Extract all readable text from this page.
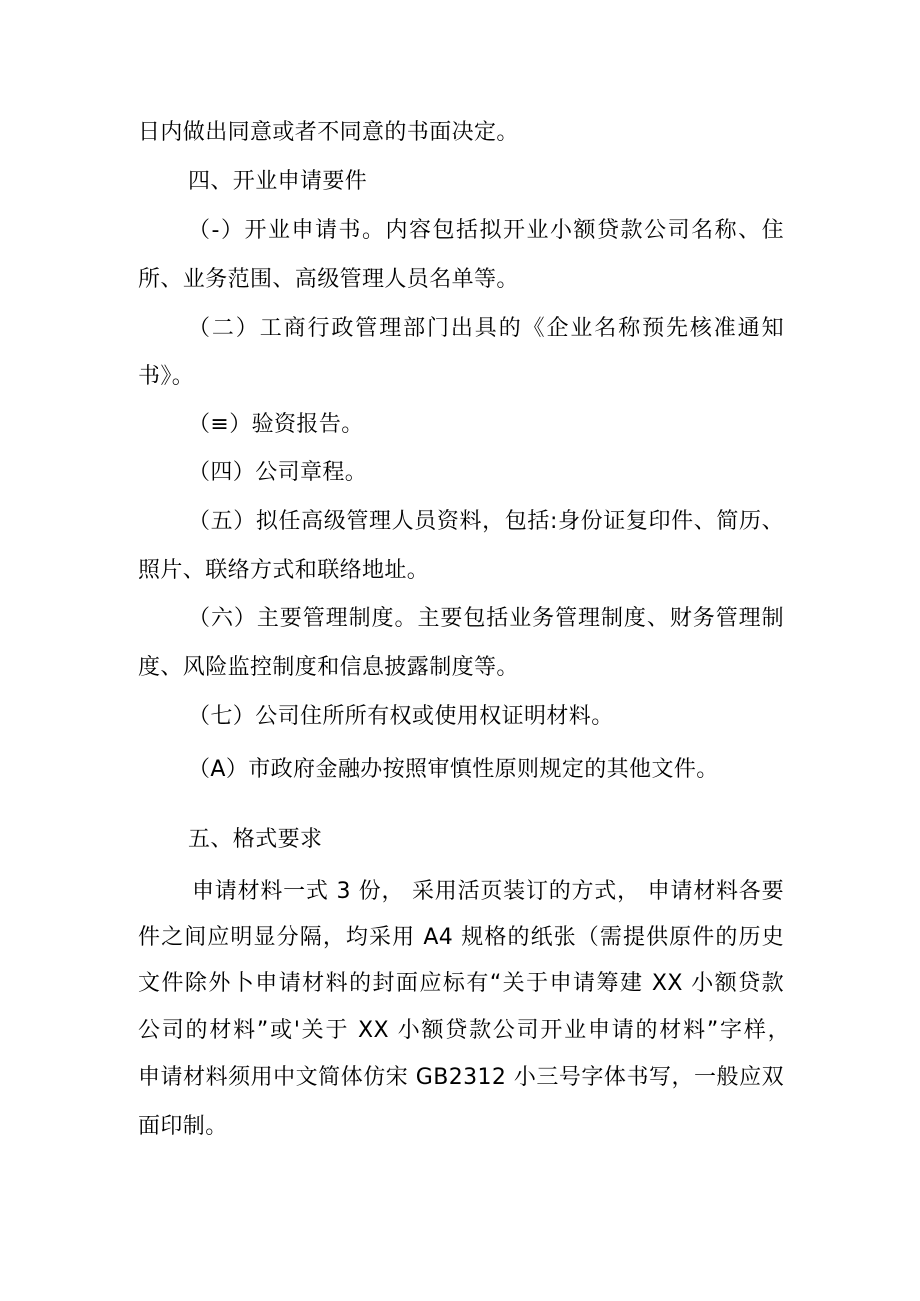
日内做出同意或者不同意的书面决定。
四、开业申请要件
（-）开业申请书。内容包括拟开业小额贷款公司名称、住
所、业务范围、高级管理人员名单等。
（二）工商行政管理部门出具的《企业名称预先核准通知
书》。
（≡）验资报告。
（四）公司章程。
（五）拟任高级管理人员资料，包括:身份证复印件、简历、
照片、联络方式和联络地址。
（六）主要管理制度。主要包括业务管理制度、财务管理制
度、风险监控制度和信息披露制度等。
（七）公司住所所有权或使用权证明材料。
（A）市政府金融办按照审慎性原则规定的其他文件。
五、格式要求
申请材料一式 3 份， 采用活页装订的方式， 申请材料各要
件之间应明显分隔，均采用 A4 规格的纸张（需提供原件的历史
文件除外卜申请材料的封面应标有“关于申请筹建 XX 小额贷款
公司的材料”或'关于 XX 小额贷款公司开业申请的材料”字样，
申请材料须用中文简体仿宋 GB2312 小三号字体书写，一般应双
面印制。
